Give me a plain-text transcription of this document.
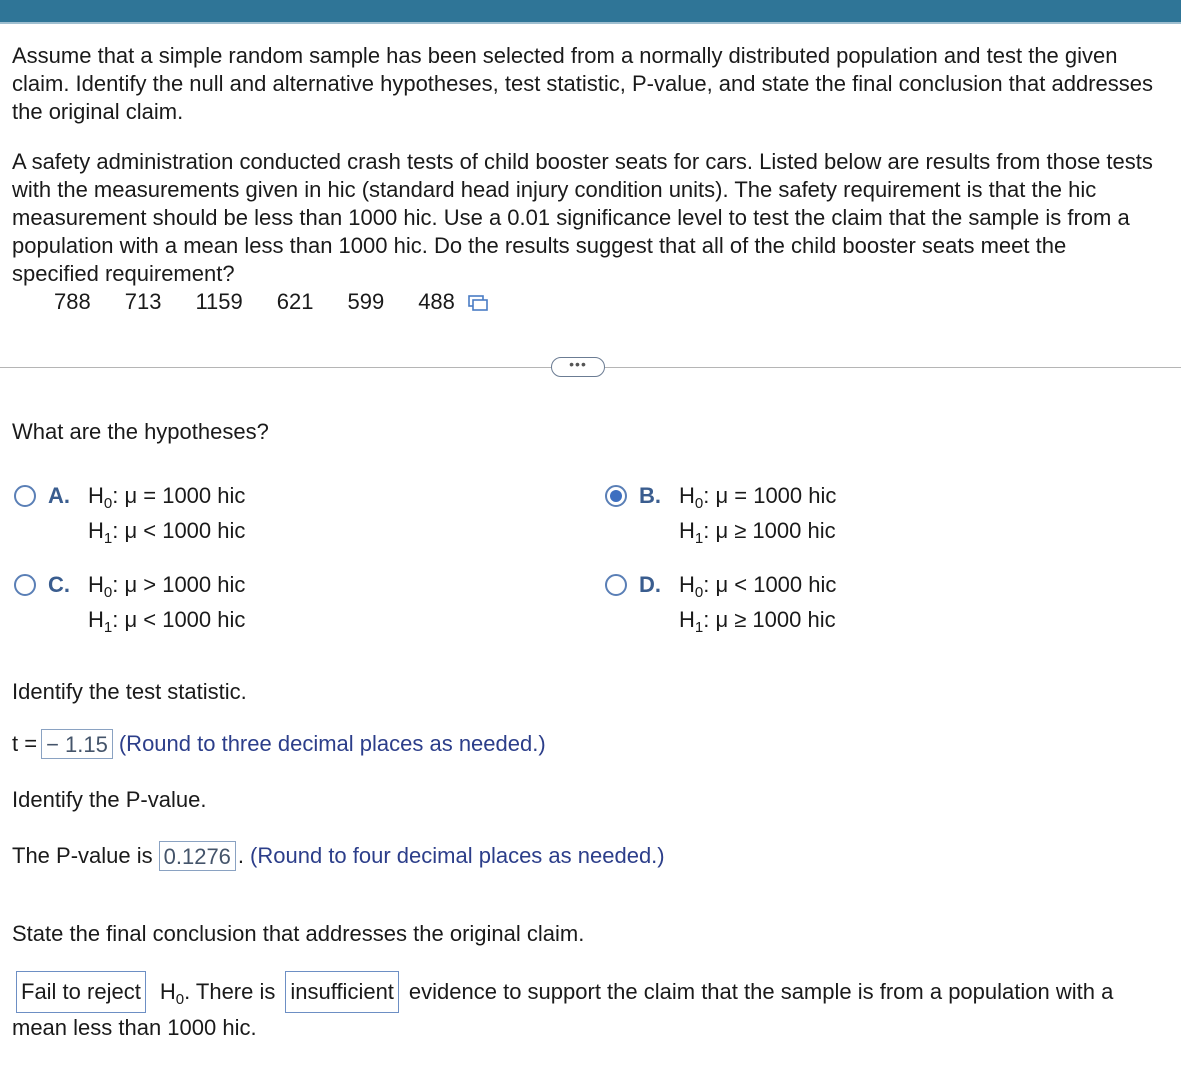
Assume that a simple random sample has been selected from a normally distributed population and test the given
claim. Identify the null and alternative hypotheses, test statistic, P-value, and state the final conclusion that addresses
the original claim.
A safety administration conducted crash tests of child booster seats for cars. Listed below are results from those tests
with the measurements given in hic (standard head injury condition units). The safety requirement is that the hic
measurement should be less than 1000 hic. Use a 0.01 significance level to test the claim that the sample is from a
population with a mean less than 1000 hic. Do the results suggest that all of the child booster seats meet the
specified requirement?
788 713 1159 621 599 488
•••
What are the hypotheses?
A. $H_0$: μ = 1000 hic
$H_1$: μ < 1000 hic
B. $H_0$: μ = 1000 hic
$H_1$: μ ≥ 1000 hic
C. $H_0$: μ > 1000 hic
$H_1$: μ < 1000 hic
D. $H_0$: μ < 1000 hic
$H_1$: μ ≥ 1000 hic
Identify the test statistic.
t = − 1.15 (Round to three decimal places as needed.)
Identify the P-value.
The P-value is 0.1276 . (Round to four decimal places as needed.)
State the final conclusion that addresses the original claim.
Fail to reject $H_0$ . There is insufficient evidence to support the claim that the sample is from a population with a
mean less than 1000 hic.
